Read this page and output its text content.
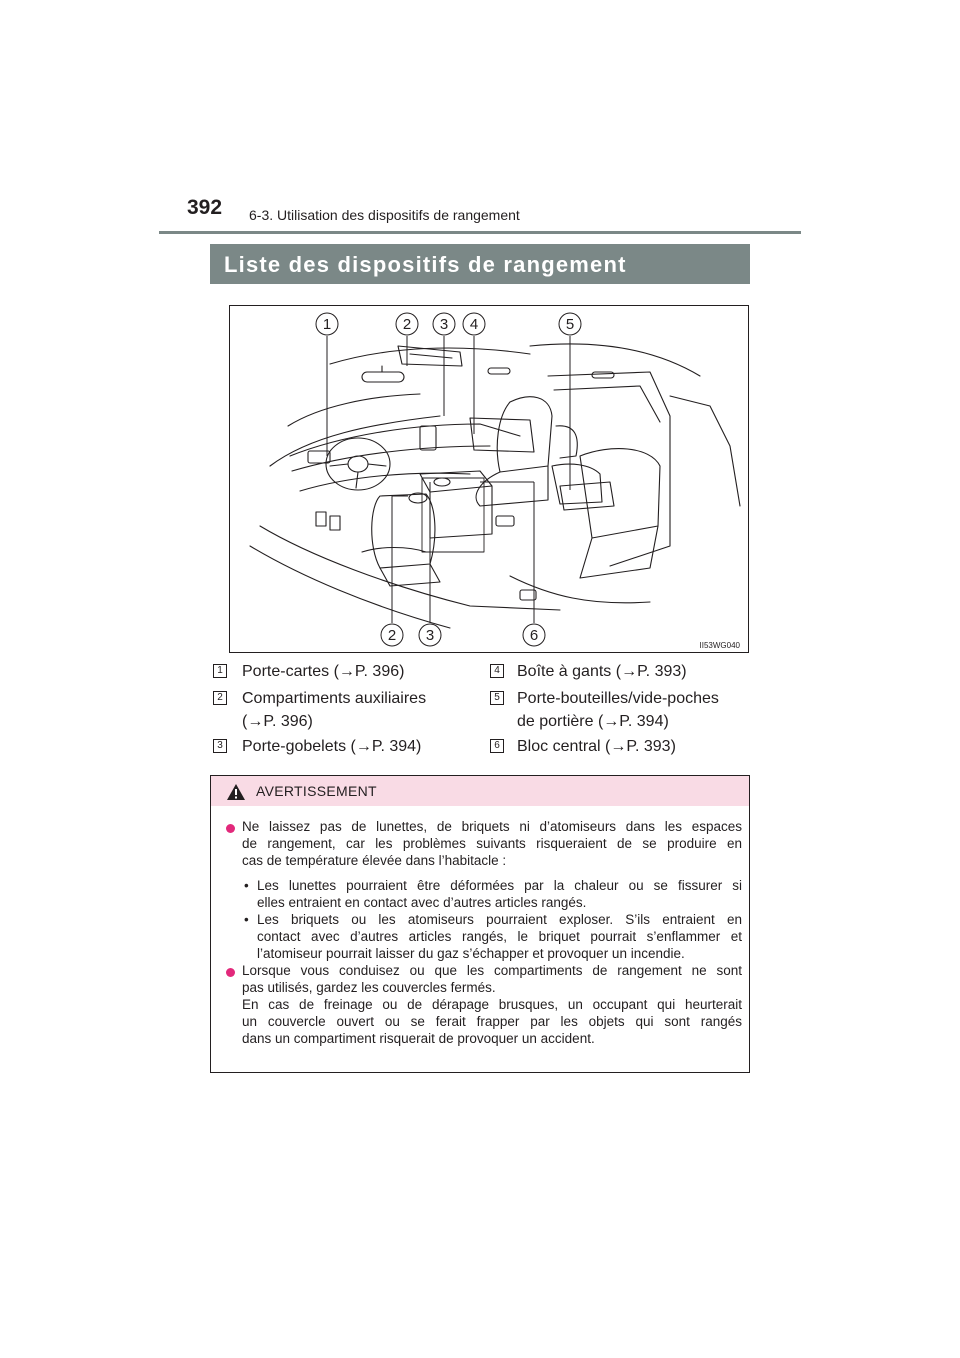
392 6-3. Utilisation des dispositifs de rangement
Liste des dispositifs de rangement
1	2 3 4	5
2 3	6
II53WG040
1 Porte-cartes (→P. 396)
2 Compartiments auxiliaires
(→P. 396)
3 Porte-gobelets (→P. 394)
4 Boîte à gants (→P. 393)
5 Porte-bouteilles/vide-poches
de portière (→P. 394)
6 Bloc central (→P. 393)
AVERTISSEMENT
Ne laissez pas de lunettes, de briquets ni d’atomiseurs dans les espaces
de rangement, car les problèmes suivants risqueraient de se produire en
cas de température élevée dans l’habitacle :
• Les lunettes pourraient être déformées par la chaleur ou se fissurer si
elles entraient en contact avec d’autres articles rangés.
• Les briquets ou les atomiseurs pourraient exploser. S’ils entraient en
contact avec d’autres articles rangés, le briquet pourrait s’enflammer et
l’atomiseur pourrait laisser du gaz s’échapper et provoquer un incendie.
Lorsque vous conduisez ou que les compartiments de rangement ne sont
pas utilisés, gardez les couvercles fermés.
En cas de freinage ou de dérapage brusques, un occupant qui heurterait
un couvercle ouvert ou se ferait frapper par les objets qui sont rangés
dans un compartiment risquerait de provoquer un accident.
